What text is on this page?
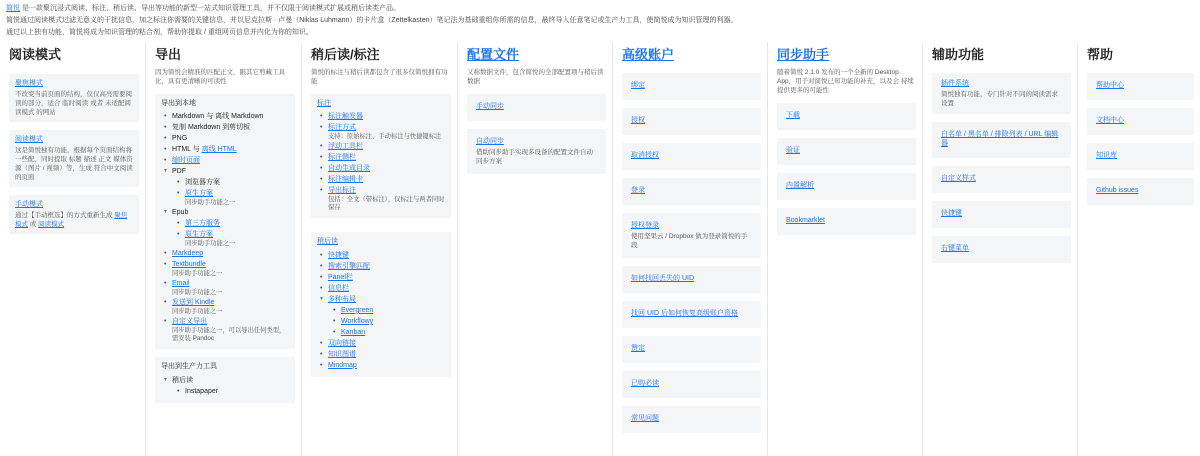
简悦 是一款聚沉浸式阅读、标注、稍后读、导出等功能的新型一站式知识管理工具，并不仅限于阅读模式扩展或稍后读类产品。
简悦通过阅读模式过滤无意义的干扰信息，加之标注你需要的关键信息，并以尼克拉斯 · 卢曼（Niklas Luhmann）的卡片盒（Zettelkasten）笔记法为基础重组你所需的信息，最终导入任意笔记或生产力工具，使简悦成为知识管理的利器。
通过以上独有功能，简悦将成为知识管理的粘合剂，帮助你提取 / 重组网页信息并内化为你的知识。
阅读模式
聚焦模式
不改变当前页面的结构，仅仅高亮需要阅读的部分，适合 临时阅读 或者 未适配阅读模式 的网站
阅读模式
这是简悦独有功能，根据每个页面结构将一些配，同时提取 标题 描述 正文 媒体资源（图片 / 视频）等，生成 符合中文阅读 的页面
手动模式
通过【手动框选】的方式重新生成 聚焦模式 或 阅读模式
导出
因为简悦会精准的匹配正文，跟其它剪藏工具比，具有更清晰的可读性
导出到本地
• Markdown 与 离线 Markdown
• 复制 Markdown 到剪切板
• PNG
• HTML 与 离线 HTML
• 缩时页面
▾ PDF
• 浏览器方案
• 原生方案
同步助手功能之一
▾ Epub
• 第三方服务
• 原生方案
同步助手功能之一
• Markdeep
• Textbundle
同步助手功能之一
• Email
同步助手功能之一
• 发送到 Kindle
同步助手功能之一
• 自定义导出
同步助手功能之一，可以导出任何类型，需安装 Pandoc
导出到生产力工具
▾ 稍后读
• Instapaper
稍后读/标注
简悦的标注与稍后读都包含了很多仅简悦拥有功能
标注
• 标注触发器
• 标注方式
支持：原始标注、手动标注与快捷键标注
• 浮动工具栏
• 标注侧栏
• 自动生成目录
• 标注编辑卡
• 导出标注
包括：全文（带标注），仅标注与两者同时保存
稍后读
• 快捷键
• 搜索引擎匹配
• Panel栏
• 信息栏
▾ 多种布局
• Evergreen
• Workflowy
• Kanban
• 双向链接
• 知识图谱
• Mindmap
配置文件
又称数据文件，包含简悦的全部配置项与稍后读数据
手动同步
自动同步
借助同步助手实现多设备的配置文件自动同步方案
高级账户
绑定
授权
取消授权
登录
授权登录
使用坚果云 / Dropbox 做为登录简悦的手段
如何找回丢失的 UID
找回 UID 后如何恢复高级账户资格
赞定
已购必读
常见问题
同步助手
随着简悦 2.1.0 发布的一个全新的 Desktop App，用于对简悦已知功能的补充，以及会 持续提供更多的可能性
下载
验证
内置解析
Bookmarklet
辅助功能
插件系统
简悦独有功能，专门针对不同的阅读需求设置
白名单 / 黑名单 / 排除列表 / URL 编辑器
自定义样式
快捷键
右键菜单
帮助
帮助中心
文档中心
知识库
Github issues
